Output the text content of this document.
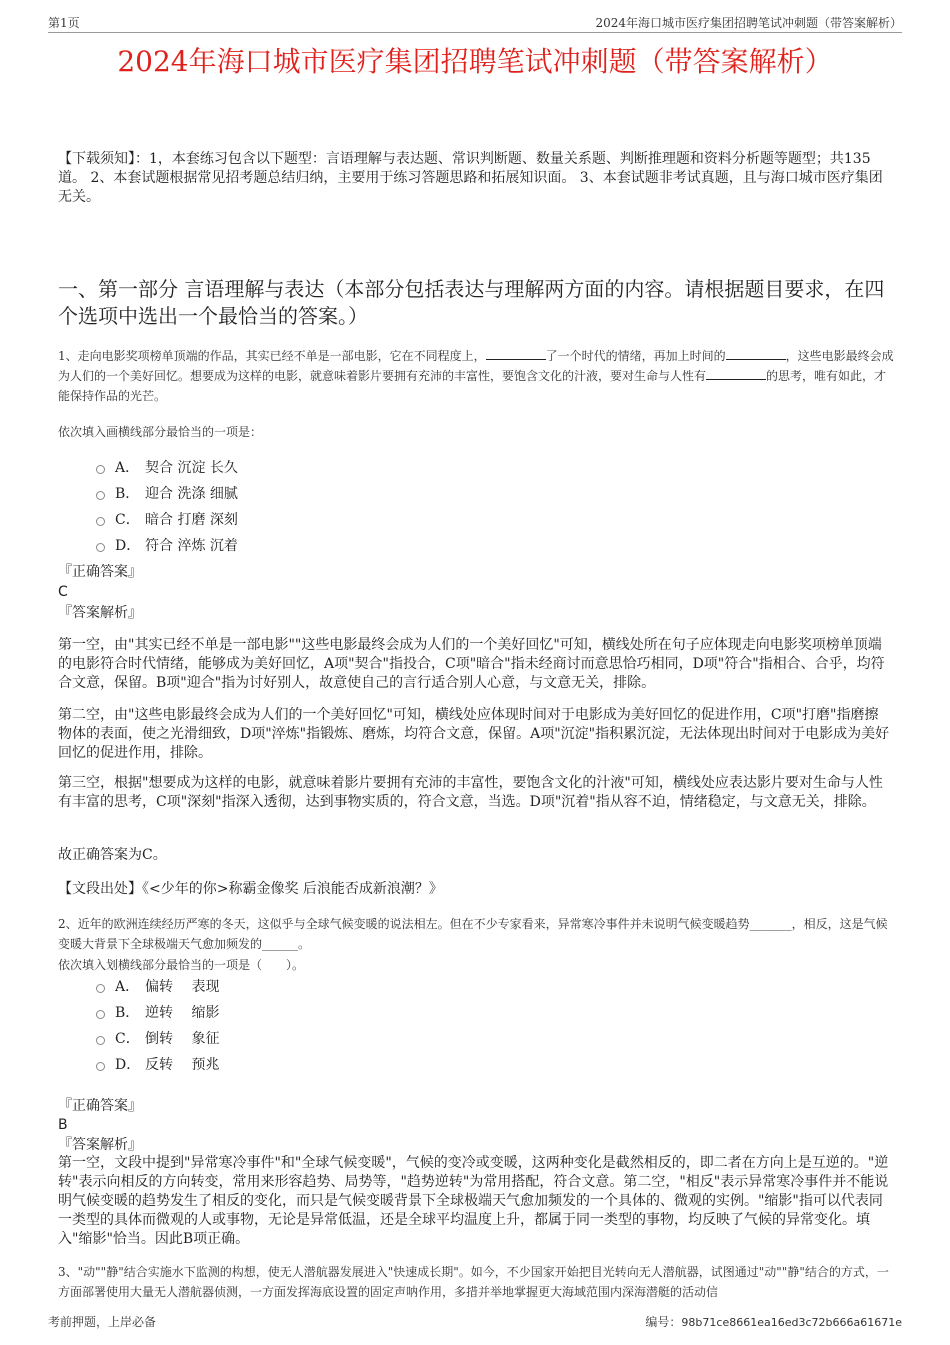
第1页	2024年海口城市医疗集团招聘笔试冲刺题（带答案解析）
2024年海口城市医疗集团招聘笔试冲刺题（带答案解析）
【下载须知】：1，本套练习包含以下题型：言语理解与表达题、常识判断题、数量关系题、判断推理题和资料分析题等题型；共135道。 2、本套试题根据常见招考题总结归纳，主要用于练习答题思路和拓展知识面。 3、本套试题非考试真题，且与海口城市医疗集团无关。
一、第一部分 言语理解与表达（本部分包括表达与理解两方面的内容。请根据题目要求，在四个选项中选出一个最恰当的答案。）
1、走向电影奖项榜单顶端的作品，其实已经不单是一部电影，它在不同程度上，	了一个时代的情绪，再加上时间的	，这些电影最终会成为人们的一个美好回忆。想要成为这样的电影，就意味着影片要拥有充沛的丰富性，要饱含文化的汁液，要对生命与人性有	的思考，唯有如此，才能保持作品的光芒。
依次填入画横线部分最恰当的一项是：
A． 契合 沉淀 长久
B． 迎合 洗涤 细腻
C． 暗合 打磨 深刻
D． 符合 淬炼 沉着
『正确答案』
C
『答案解析』
第一空，由"其实已经不单是一部电影""这些电影最终会成为人们的一个美好回忆"可知，横线处所在句子应体现走向电影奖项榜单顶端的电影符合时代情绪，能够成为美好回忆，A项"契合"指投合，C项"暗合"指未经商讨而意思恰巧相同，D项"符合"指相合、合乎，均符合文意，保留。B项"迎合"指为讨好别人，故意使自己的言行适合别人心意，与文意无关，排除。
第二空，由"这些电影最终会成为人们的一个美好回忆"可知，横线处应体现时间对于电影成为美好回忆的促进作用，C项"打磨"指磨擦物体的表面，使之光滑细致，D项"淬炼"指锻炼、磨炼，均符合文意，保留。A项"沉淀"指积累沉淀，无法体现出时间对于电影成为美好回忆的促进作用，排除。
第三空，根据"想要成为这样的电影，就意味着影片要拥有充沛的丰富性，要饱含文化的汁液"可知，横线处应表达影片要对生命与人性有丰富的思考，C项"深刻"指深入透彻，达到事物实质的，符合文意，当选。D项"沉着"指从容不迫，情绪稳定，与文意无关，排除。
故正确答案为C。
【文段出处】《<少年的你>称霸金像奖 后浪能否成新浪潮？》
2、近年的欧洲连续经历严寒的冬天，这似乎与全球气候变暖的说法相左。但在不少专家看来，异常寒冷事件并未说明气候变暖趋势_______，相反，这是气候变暖大背景下全球极端天气愈加频发的______。
依次填入划横线部分最恰当的一项是（　　）。
A． 偏转　 表现
B． 逆转　 缩影
C． 倒转　 象征
D． 反转　 预兆
『正确答案』
B
『答案解析』
第一空，文段中提到"异常寒冷事件"和"全球气候变暖"，气候的变冷或变暖，这两种变化是截然相反的，即二者在方向上是互逆的。"逆转"表示向相反的方向转变，常用来形容趋势、局势等，"趋势逆转"为常用搭配，符合文意。第二空，"相反"表示异常寒冷事件并不能说明气候变暖的趋势发生了相反的变化，而只是气候变暖背景下全球极端天气愈加频发的一个具体的、微观的实例。"缩影"指可以代表同一类型的具体而微观的人或事物，无论是异常低温，还是全球平均温度上升，都属于同一类型的事物，均反映了气候的异常变化。填入"缩影"恰当。因此B项正确。
3、"动""静"结合实施水下监测的构想，使无人潜航器发展进入"快速成长期"。如今，不少国家开始把目光转向无人潜航器，试图通过"动""静"结合的方式，一方面部署使用大量无人潜航器侦测，一方面发挥海底设置的固定声呐作用，多措并举地掌握更大海域范围内深海潜艇的活动信
考前押题，上岸必备	编号：98b71ce8661ea16ed3c72b666a61671e
